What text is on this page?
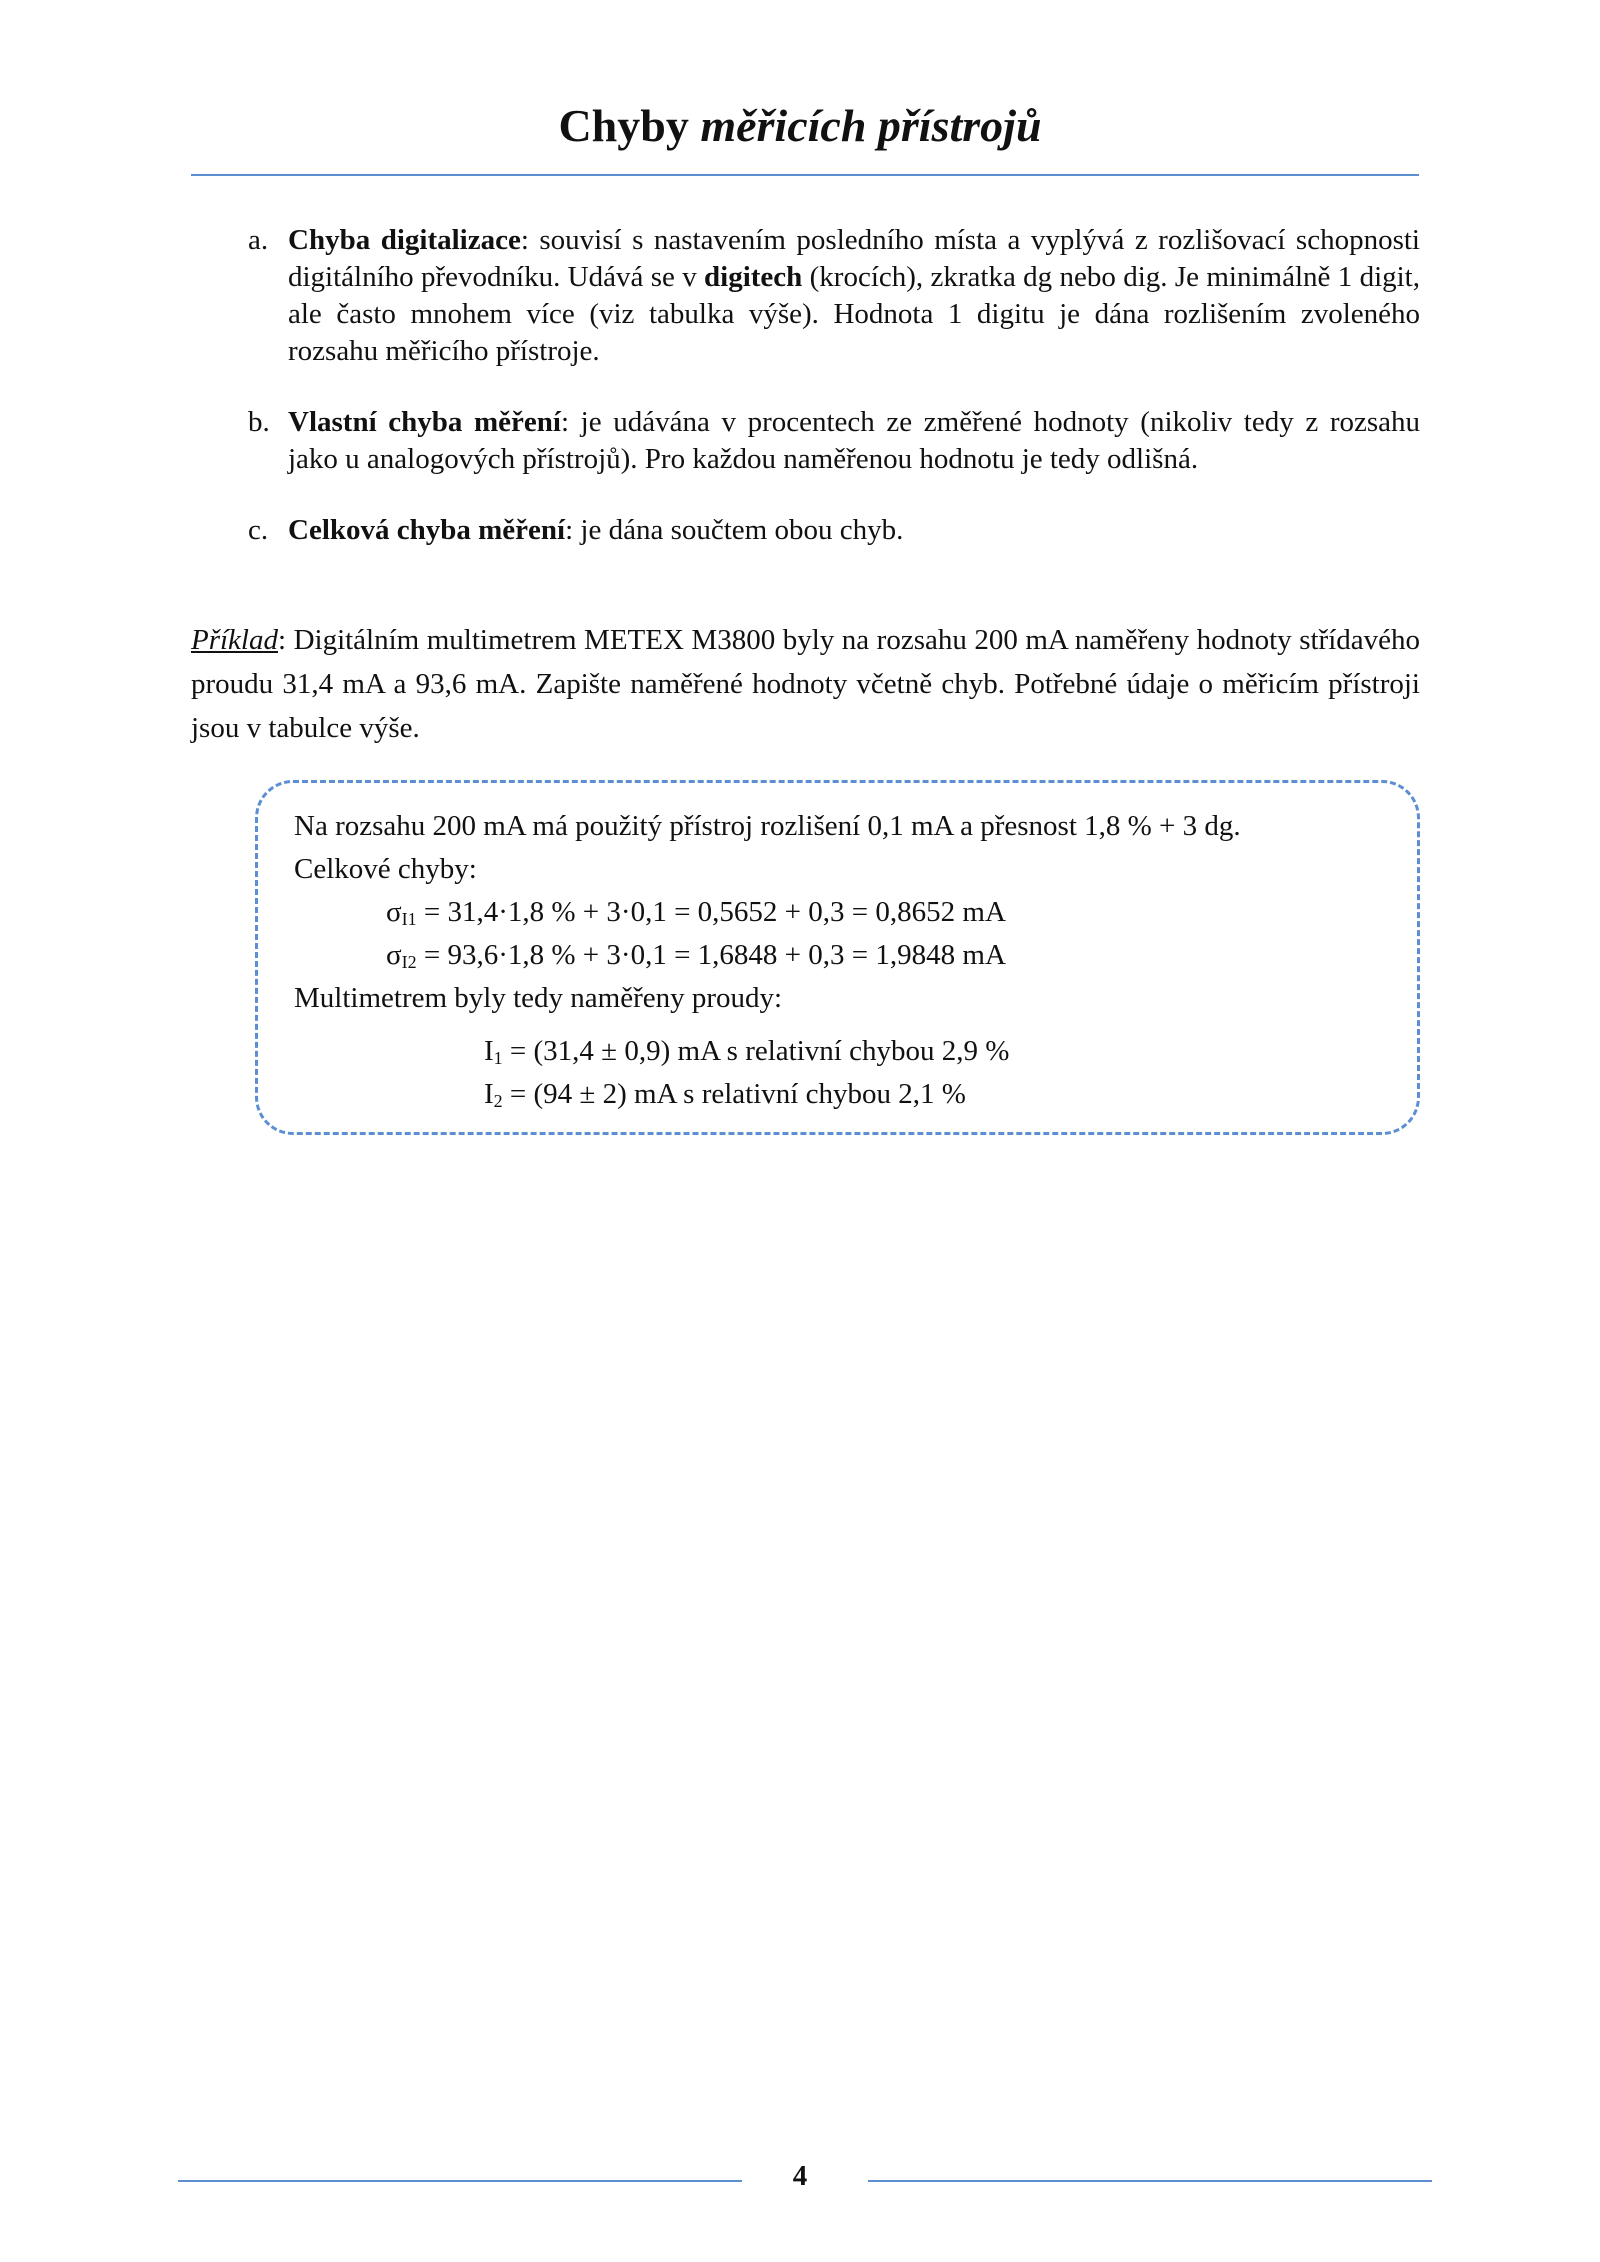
Chyby měřicích přístrojů
a. Chyba digitalizace: souvisí s nastavením posledního místa a vyplývá z rozlišovací schopnosti digitálního převodníku. Udává se v digitech (krocích), zkratka dg nebo dig. Je minimálně 1 digit, ale často mnohem více (viz tabulka výše). Hodnota 1 digitu je dána rozlišením zvoleného rozsahu měřicího přístroje.
b. Vlastní chyba měření: je udávána v procentech ze změřené hodnoty (nikoliv tedy z rozsahu jako u analogových přístrojů). Pro každou naměřenou hodnotu je tedy odlišná.
c. Celková chyba měření: je dána součtem obou chyb.
Příklad: Digitálním multimetrem METEX M3800 byly na rozsahu 200 mA naměřeny hodnoty střídavého proudu 31,4 mA a 93,6 mA. Zapište naměřené hodnoty včetně chyb. Potřebné údaje o měřicím přístroji jsou v tabulce výše.
Na rozsahu 200 mA má použitý přístroj rozlišení 0,1 mA a přesnost 1,8 % + 3 dg.
Celkové chyby:
$\sigma_{I1} = 31,4\cdot 1,8$ % + 3·0,1 = 0,5652 + 0,3 = 0,8652 mA
$\sigma_{I2} = 93,6\cdot 1,8$ % + 3·0,1 = 1,6848 + 0,3 = 1,9848 mA
Multimetrem byly tedy naměřeny proudy:
$I_1 = (31,4 \pm 0,9)$ mA s relativní chybou 2,9 %
$I_2 = (94 \pm 2)$ mA s relativní chybou 2,1 %
4
